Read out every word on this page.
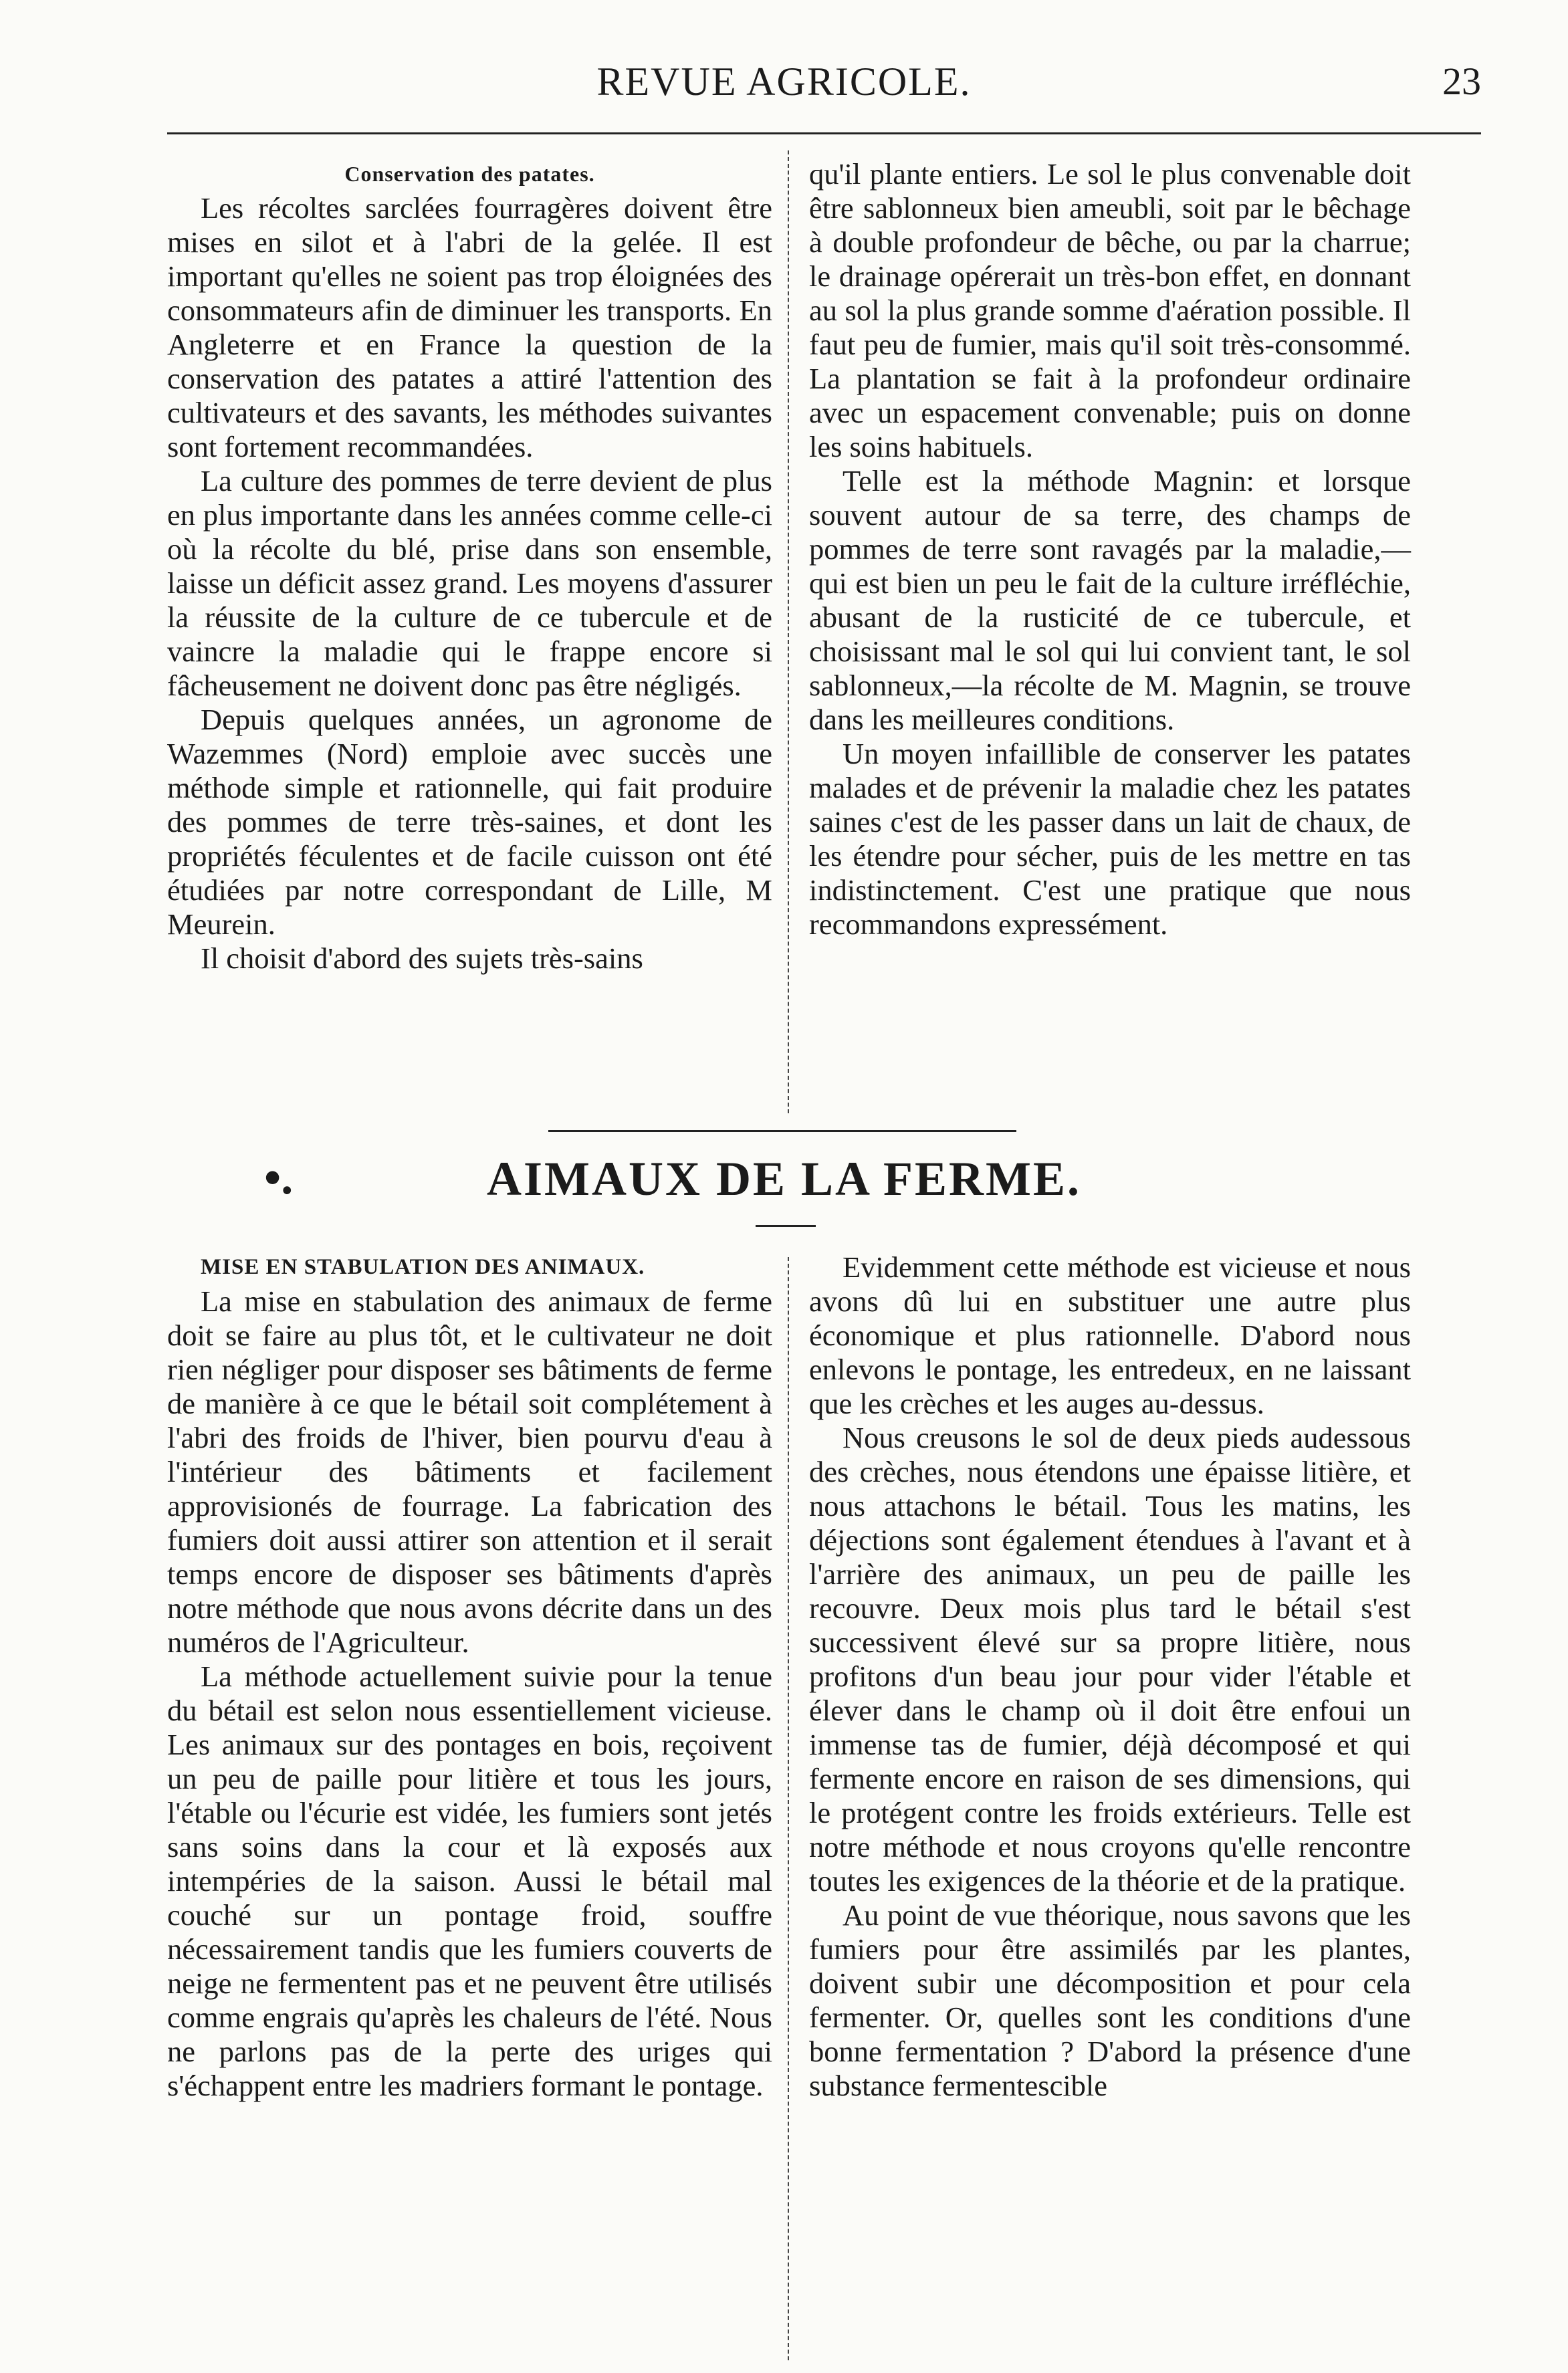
REVUE AGRICOLE.	23

Conservation des patates.

Les récoltes sarclées fourragères doivent être mises en silot et à l'abri de la gelée. Il est important qu'elles ne soient pas trop éloignées des consommateurs afin de diminuer les transports. En Angleterre et en France la question de la conservation des patates a attiré l'attention des cultivateurs et des savants, les méthodes suivantes sont fortement recommandées.

La culture des pommes de terre devient de plus en plus importante dans les années comme celle-ci où la récolte du blé, prise dans son ensemble, laisse un déficit assez grand. Les moyens d'assurer la réussite de la culture de ce tubercule et de vaincre la maladie qui le frappe encore si fâcheusement ne doivent donc pas être négligés.

Depuis quelques années, un agronome de Wazemmes (Nord) emploie avec succès une méthode simple et rationnelle, qui fait produire des pommes de terre très-saines, et dont les propriétés féculentes et de facile cuisson ont été étudiées par notre correspondant de Lille, M Meurein.

Il choisit d'abord des sujets très-sains

qu'il plante entiers. Le sol le plus convenable doit être sablonneux bien ameubli, soit par le bêchage à double profondeur de bêche, ou par la charrue; le drainage opérerait un très-bon effet, en donnant au sol la plus grande somme d'aération possible. Il faut peu de fumier, mais qu'il soit très-consommé. La plantation se fait à la profondeur ordinaire avec un espacement convenable; puis on donne les soins habituels.

Telle est la méthode Magnin: et lorsque souvent autour de sa terre, des champs de pommes de terre sont ravagés par la maladie,—qui est bien un peu le fait de la culture irréfléchie, abusant de la rusticité de ce tubercule, et choisissant mal le sol qui lui convient tant, le sol sablonneux,—la récolte de M. Magnin, se trouve dans les meilleures conditions.

Un moyen infaillible de conserver les patates malades et de prévenir la maladie chez les patates saines c'est de les passer dans un lait de chaux, de les étendre pour sécher, puis de les mettre en tas indistinctement. C'est une pratique que nous recommandons expressément.

•.	AIMAUX DE LA FERME.

MISE EN STABULATION DES ANIMAUX.

La mise en stabulation des animaux de ferme doit se faire au plus tôt, et le cultivateur ne doit rien négliger pour disposer ses bâtiments de ferme de manière à ce que le bétail soit complétement à l'abri des froids de l'hiver, bien pourvu d'eau à l'intérieur des bâtiments et facilement approvisionés de fourrage. La fabrication des fumiers doit aussi attirer son attention et il serait temps encore de disposer ses bâtiments d'après notre méthode que nous avons décrite dans un des numéros de l'Agriculteur.

La méthode actuellement suivie pour la tenue du bétail est selon nous essentiellement vicieuse. Les animaux sur des pontages en bois, reçoivent un peu de paille pour litière et tous les jours, l'étable ou l'écurie est vidée, les fumiers sont jetés sans soins dans la cour et là exposés aux intempéries de la saison. Aussi le bétail mal couché sur un pontage froid, souffre nécessairement tandis que les fumiers couverts de neige ne fermentent pas et ne peuvent être utilisés comme engrais qu'après les chaleurs de l'été. Nous ne parlons pas de la perte des uriges qui s'échappent entre les madriers formant le pontage.

Evidemment cette méthode est vicieuse et nous avons dû lui en substituer une autre plus économique et plus rationnelle. D'abord nous enlevons le pontage, les entredeux, en ne laissant que les crèches et les auges au-dessus.

Nous creusons le sol de deux pieds audessous des crèches, nous étendons une épaisse litière, et nous attachons le bétail. Tous les matins, les déjections sont également étendues à l'avant et à l'arrière des animaux, un peu de paille les recouvre. Deux mois plus tard le bétail s'est successivent élevé sur sa propre litière, nous profitons d'un beau jour pour vider l'étable et élever dans le champ où il doit être enfoui un immense tas de fumier, déjà décomposé et qui fermente encore en raison de ses dimensions, qui le protégent contre les froids extérieurs. Telle est notre méthode et nous croyons qu'elle rencontre toutes les exigences de la théorie et de la pratique.

Au point de vue théorique, nous savons que les fumiers pour être assimilés par les plantes, doivent subir une décomposition et pour cela fermenter. Or, quelles sont les conditions d'une bonne fermentation ? D'abord la présence d'une substance fermentescible
